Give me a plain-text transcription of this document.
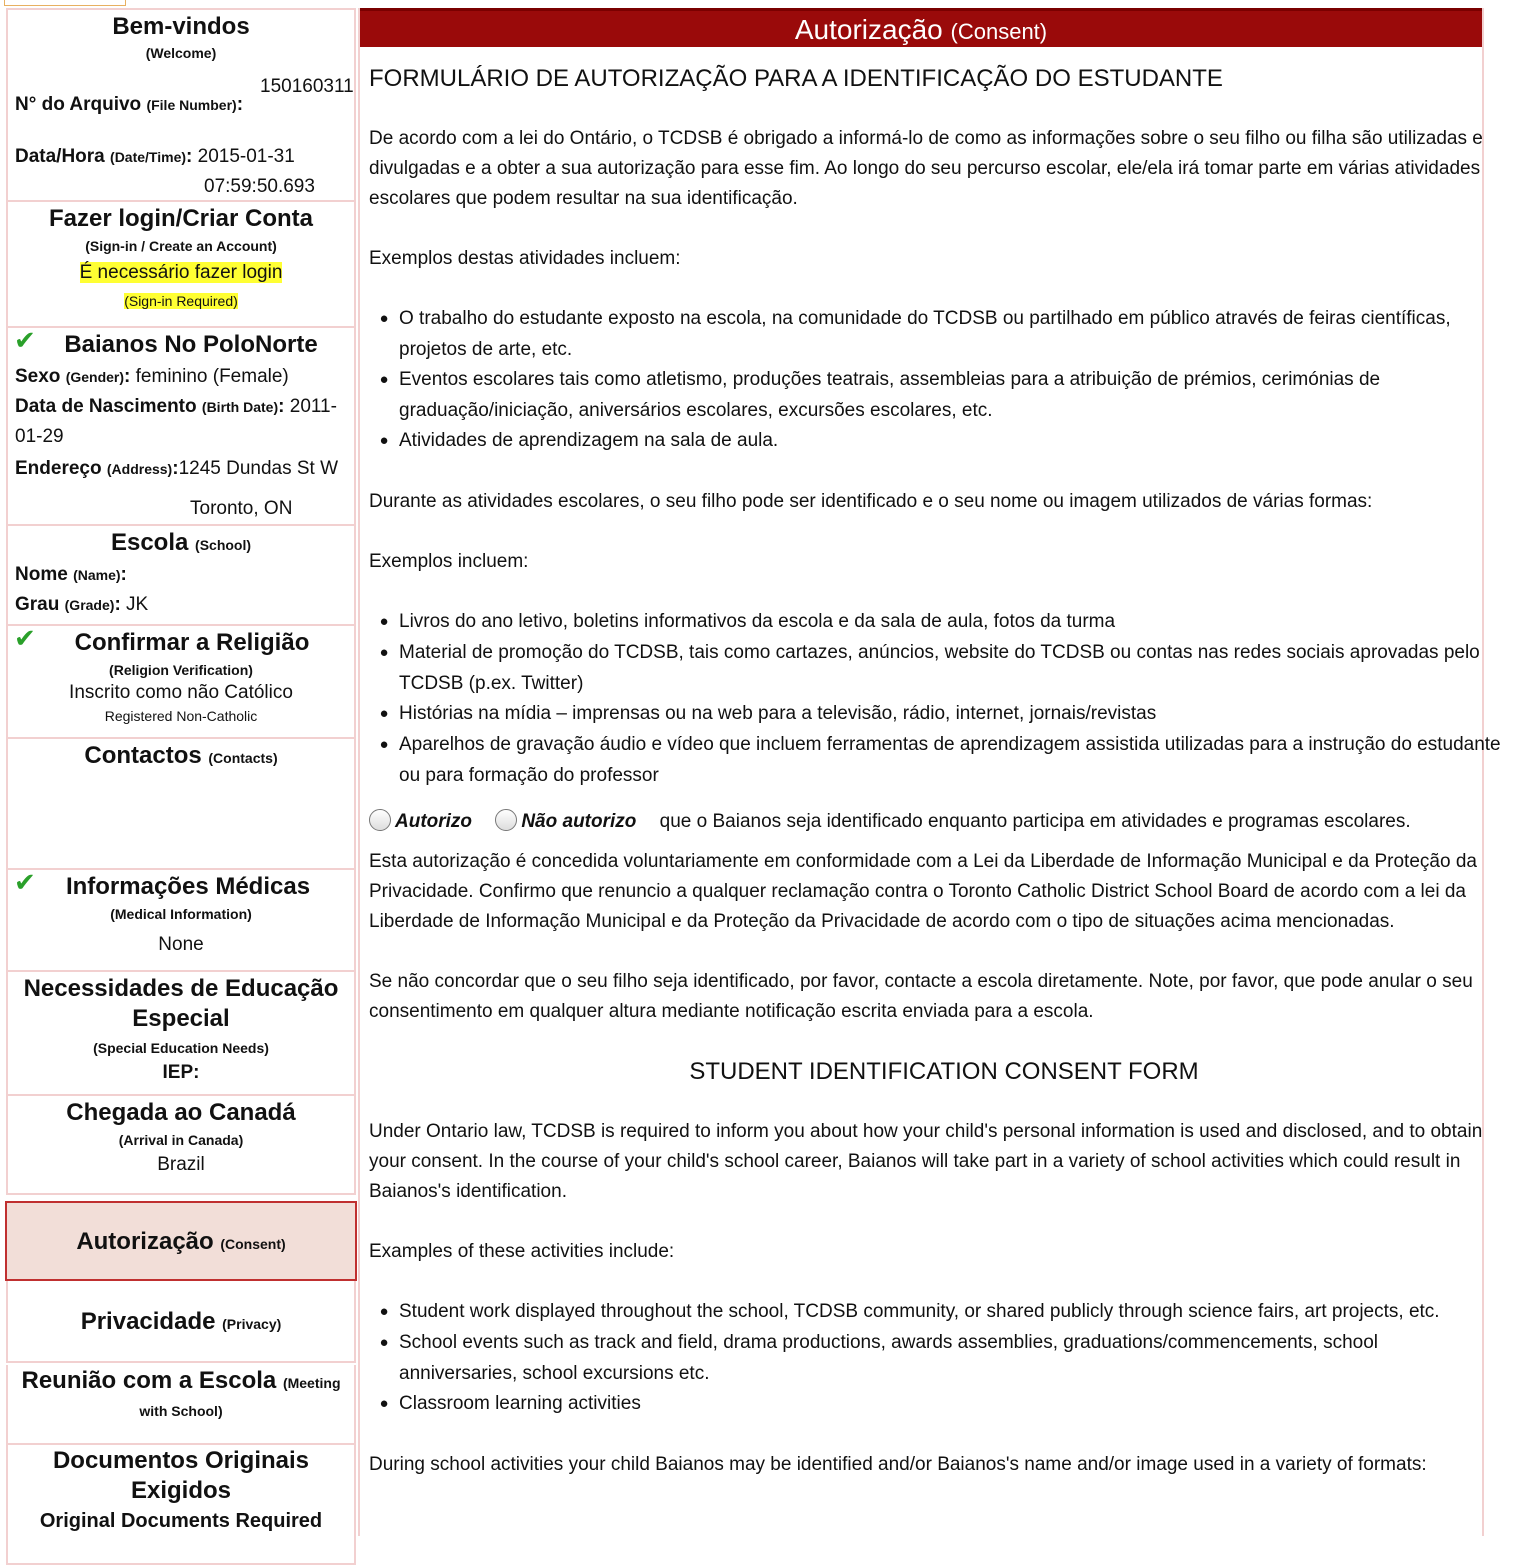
Bem-vindos
(Welcome)
150160311
N° do Arquivo (File Number):
Data/Hora (Date/Time): 2015-01-31
07:59:50.693
Fazer login/Criar Conta
(Sign-in / Create an Account)
É necessário fazer login
(Sign-in Required)
✔	Baianos No PoloNorte
Sexo (Gender): feminino (Female)
Data de Nascimento (Birth Date): 2011-
01-29
Endereço (Address):1245 Dundas St W
Toronto, ON
Escola (School)
Nome (Name):
Grau (Grade): JK
✔	Confirmar a Religião
(Religion Verification)
Inscrito como não Católico
Registered Non-Catholic
Contactos (Contacts)
✔	Informações Médicas
(Medical Information)
None
Necessidades de Educação
Especial
(Special Education Needs)
IEP:
Chegada ao Canadá
(Arrival in Canada)
Brazil
Autorização (Consent)
Privacidade (Privacy)
Reunião com a Escola (Meeting
with School)
Documentos Originais
Exigidos
Original Documents Required
Autorização (Consent)

FORMULÁRIO DE AUTORIZAÇÃO PARA A IDENTIFICAÇÃO DO ESTUDANTE

De acordo com a lei do Ontário, o TCDSB é obrigado a informá-lo de como as informações sobre o seu filho ou filha são utilizadas e

divulgadas e a obter a sua autorização para esse fim. Ao longo do seu percurso escolar, ele/ela irá tomar parte em várias atividades

escolares que podem resultar na sua identificação.

Exemplos destas atividades incluem:

● O trabalho do estudante exposto na escola, na comunidade do TCDSB ou partilhado em público através de feiras científicas,
projetos de arte, etc.
● Eventos escolares tais como atletismo, produções teatrais, assembleias para a atribuição de prémios, cerimónias de
graduação/iniciação, aniversários escolares, excursões escolares, etc.
● Atividades de aprendizagem na sala de aula.

Durante as atividades escolares, o seu filho pode ser identificado e o seu nome ou imagem utilizados de várias formas:

Exemplos incluem:

● Livros do ano letivo, boletins informativos da escola e da sala de aula, fotos da turma
● Material de promoção do TCDSB, tais como cartazes, anúncios, website do TCDSB ou contas nas redes sociais aprovadas pelo
TCDSB (p.ex. Twitter)
● Histórias na mídia – imprensas ou na web para a televisão, rádio, internet, jornais/revistas
● Aparelhos de gravação áudio e vídeo que incluem ferramentas de aprendizagem assistida utilizadas para a instrução do estudante
ou para formação do professor
Autorizo	Não autorizo que o Baianos seja identificado enquanto participa em atividades e programas escolares.

Esta autorização é concedida voluntariamente em conformidade com a Lei da Liberdade de Informação Municipal e da Proteção da

Privacidade. Confirmo que renuncio a qualquer reclamação contra o Toronto Catholic District School Board de acordo com a lei da

Liberdade de Informação Municipal e da Proteção da Privacidade de acordo com o tipo de situações acima mencionadas.

Se não concordar que o seu filho seja identificado, por favor, contacte a escola diretamente. Note, por favor, que pode anular o seu

consentimento em qualquer altura mediante notificação escrita enviada para a escola.

STUDENT IDENTIFICATION CONSENT FORM

Under Ontario law, TCDSB is required to inform you about how your child's personal information is used and disclosed, and to obtain

your consent. In the course of your child's school career, Baianos will take part in a variety of school activities which could result in

Baianos's identification.

Examples of these activities include:

● Student work displayed throughout the school, TCDSB community, or shared publicly through science fairs, art projects, etc.
● School events such as track and field, drama productions, awards assemblies, graduations/commencements, school
anniversaries, school excursions etc.
● Classroom learning activities

During school activities your child Baianos may be identified and/or Baianos's name and/or image used in a variety of formats:
